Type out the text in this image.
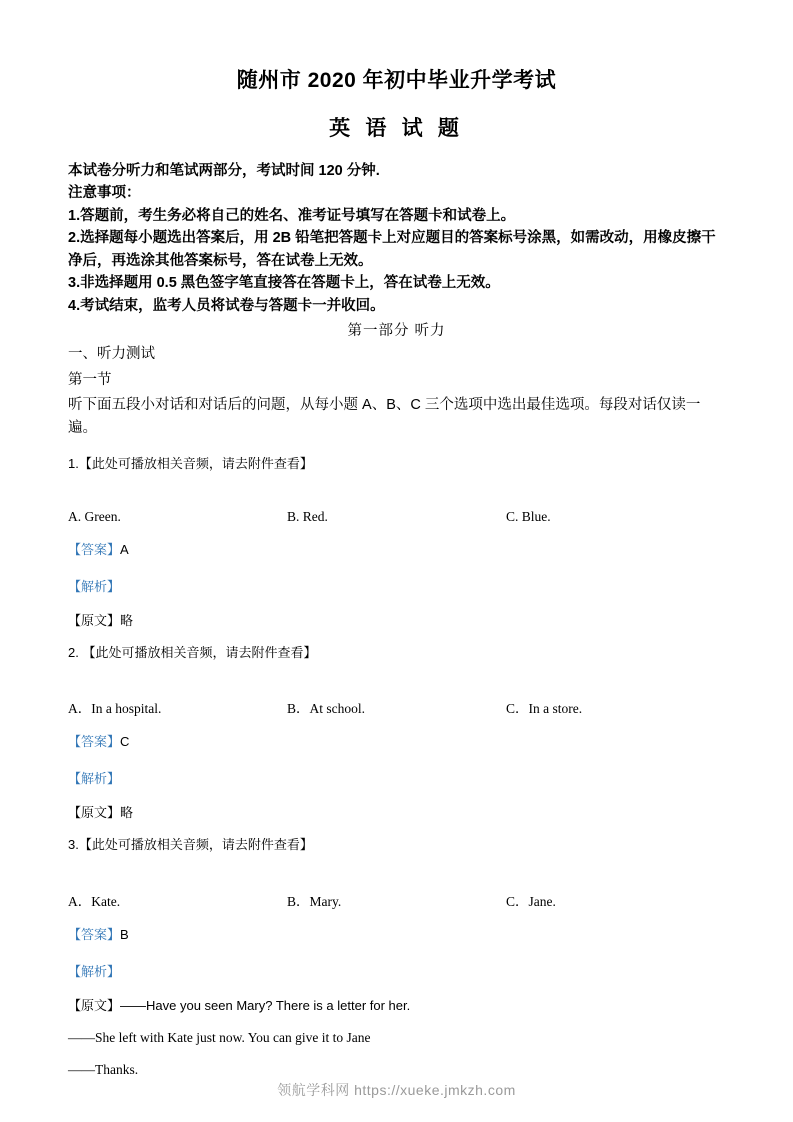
随州市 2020 年初中毕业升学考试
英 语 试 题

本试卷分听力和笔试两部分，考试时间 120 分钟.

注意事项：

1.答题前，考生务必将自己的姓名、准考证号填写在答题卡和试卷上。

2.选择题每小题选出答案后，用 2B 铅笔把答题卡上对应题目的答案标号涂黑，如需改动，用橡皮擦干净后，再选涂其他答案标号，答在试卷上无效。

3.非选择题用 0.5 黑色签字笔直接答在答题卡上，答在试卷上无效。

4.考试结束，监考人员将试卷与答题卡一并收回。

第一部分 听力
一、听力测试
第一节
听下面五段小对话和对话后的问题，从每小题 A、B、C 三个选项中选出最佳选项。每段对话仅读一遍。
1.【此处可播放相关音频，请去附件查看】
A. Green.	B. Red.	C. Blue.
【答案】A
【解析】
【原文】略
2. 【此处可播放相关音频，请去附件查看】
A．In a hospital.	B．At school.	C．In a store.
【答案】C
【解析】
【原文】略
3.【此处可播放相关音频，请去附件查看】
A．Kate.	B．Mary.	C．Jane.
【答案】B
【解析】
【原文】——Have you seen Mary? There is a letter for her.
——She left with Kate just now. You can give it to Jane
——Thanks.
领航学科网 https://xueke.jmkzh.com
